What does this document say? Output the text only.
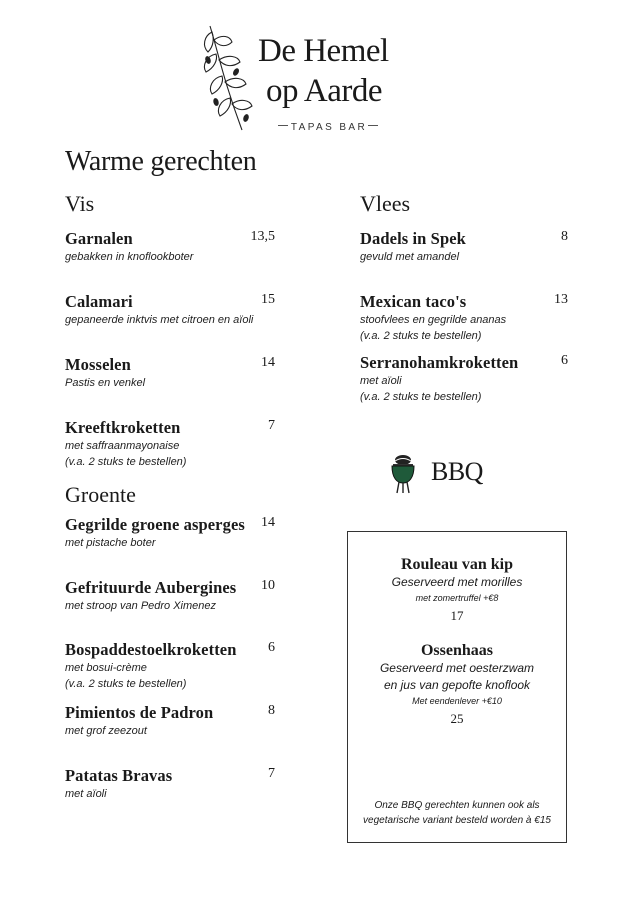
De Hemel
op Aarde
TAPAS BAR
Warme gerechten
Vis
Garnalen
gebakken in knoflookboter
13,5
Calamari
gepaneerde inktvis met citroen en aïoli
15
Mosselen
Pastis en venkel
14
Kreeftkroketten
met saffraanmayonaise
(v.a. 2 stuks te bestellen)
7
Groente
Gegrilde groene asperges
met pistache boter
14
Gefrituurde Aubergines
met stroop van Pedro Ximenez
10
Bospaddestoelkroketten
met bosui-crème
(v.a. 2 stuks te bestellen)
6
Pimientos de Padron
met grof zeezout
8
Patatas Bravas
met aïoli
7
Vlees
Dadels in Spek
gevuld met amandel
8
Mexican taco's
stoofvlees en gegrilde ananas
(v.a. 2 stuks te bestellen)
13
Serranohamkroketten
met aïoli
(v.a. 2 stuks te bestellen)
6
BBQ
Rouleau van kip
Geserveerd met morilles
met zomertruffel +€8
17
Ossenhaas
Geserveerd met oesterzwam
en jus van gepofte knoflook
Met eendenlever +€10
25
Onze BBQ gerechten kunnen ook als
vegetarische variant besteld worden à €15
